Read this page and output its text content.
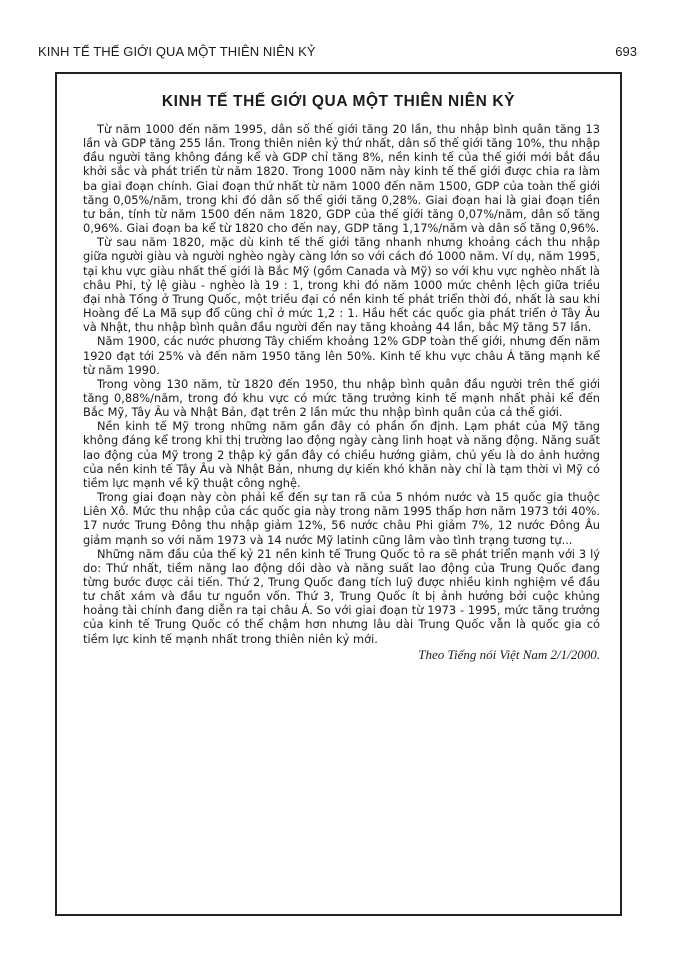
KINH TẾ THẾ GIỚI QUA MỘT THIÊN NIÊN KỶ	693
KINH TẾ THẾ GIỚI QUA MỘT THIÊN NIÊN KỶ

Từ năm 1000 đến năm 1995, dân số thế giới tăng 20 lần, thu nhập bình quân tăng 13 lần và GDP tăng 255 lần. Trong thiên niên kỷ thứ nhất, dân số thế giới tăng 10%, thu nhập đầu người tăng không đáng kể và GDP chỉ tăng 8%, nền kinh tế của thế giới mới bắt đầu khởi sắc và phát triển từ năm 1820. Trong 1000 năm này kinh tế thế giới được chia ra làm ba giai đoạn chính. Giai đoạn thứ nhất từ năm 1000 đến năm 1500, GDP của toàn thế giới tăng 0,05%/năm, trong khi đó dân số thế giới tăng 0,28%. Giai đoạn hai là giai đoạn tiền tư bản, tính từ năm 1500 đến năm 1820, GDP của thế giới tăng 0,07%/năm, dân số tăng 0,96%. Giai đoạn ba kể từ 1820 cho đến nay, GDP tăng 1,17%/năm và dân số tăng 0,96%.

Từ sau năm 1820, mặc dù kinh tế thế giới tăng nhanh nhưng khoảng cách thu nhập giữa người giàu và người nghèo ngày càng lớn so với cách đó 1000 năm. Ví dụ, năm 1995, tại khu vực giàu nhất thế giới là Bắc Mỹ (gồm Canada và Mỹ) so với khu vực nghèo nhất là châu Phi, tỷ lệ giàu - nghèo là 19 : 1, trong khi đó năm 1000 mức chênh lệch giữa triều đại nhà Tống ở Trung Quốc, một triều đại có nền kinh tế phát triển thời đó, nhất là sau khi Hoàng đế La Mã sụp đổ cũng chỉ ở mức 1,2 : 1. Hầu hết các quốc gia phát triển ở Tây Âu và Nhật, thu nhập bình quân đầu người đến nay tăng khoảng 44 lần, bắc Mỹ tăng 57 lần.

Năm 1900, các nước phương Tây chiếm khoảng 12% GDP toàn thế giới, nhưng đến năm 1920 đạt tới 25% và đến năm 1950 tăng lên 50%. Kinh tế khu vực châu Á tăng mạnh kể từ năm 1990.

Trong vòng 130 năm, từ 1820 đến 1950, thu nhập bình quân đầu người trên thế giới tăng 0,88%/năm, trong đó khu vực có mức tăng trưởng kinh tế mạnh nhất phải kể đến Bắc Mỹ, Tây Âu và Nhật Bản, đạt trên 2 lần mức thu nhập bình quân của cả thế giới.

Nền kinh tế Mỹ trong những năm gần đây có phần ổn định. Lạm phát của Mỹ tăng không đáng kể trong khi thị trường lao động ngày càng linh hoạt và năng động. Năng suất lao động của Mỹ trong 2 thập kỷ gần đây có chiều hướng giảm, chủ yếu là do ảnh hưởng của nền kinh tế Tây Âu và Nhật Bản, nhưng dự kiến khó khăn này chỉ là tạm thời vì Mỹ có tiềm lực mạnh về kỹ thuật công nghệ.

Trong giai đoạn này còn phải kể đến sự tan rã của 5 nhóm nước và 15 quốc gia thuộc Liên Xô. Mức thu nhập của các quốc gia này trong năm 1995 thấp hơn năm 1973 tới 40%. 17 nước Trung Đông thu nhập giảm 12%, 56 nước châu Phi giảm 7%, 12 nước Đông Âu giảm mạnh so với năm 1973 và 14 nước Mỹ latinh cũng lâm vào tình trạng tương tự...

Những năm đầu của thế kỷ 21 nền kinh tế Trung Quốc tỏ ra sẽ phát triển mạnh với 3 lý do: Thứ nhất, tiềm năng lao động dồi dào và năng suất lao động của Trung Quốc đang từng bước được cải tiến. Thứ 2, Trung Quốc đang tích luỹ được nhiều kinh nghiệm về đầu tư chất xám và đầu tư nguồn vốn. Thứ 3, Trung Quốc ít bị ảnh hưởng bởi cuộc khủng hoảng tài chính đang diễn ra tại châu Á. So với giai đoạn từ 1973 - 1995, mức tăng trưởng của kinh tế Trung Quốc có thể chậm hơn nhưng lâu dài Trung Quốc vẫn là quốc gia có tiềm lực kinh tế mạnh nhất trong thiên niên kỷ mới.

Theo Tiếng nói Việt Nam 2/1/2000.
